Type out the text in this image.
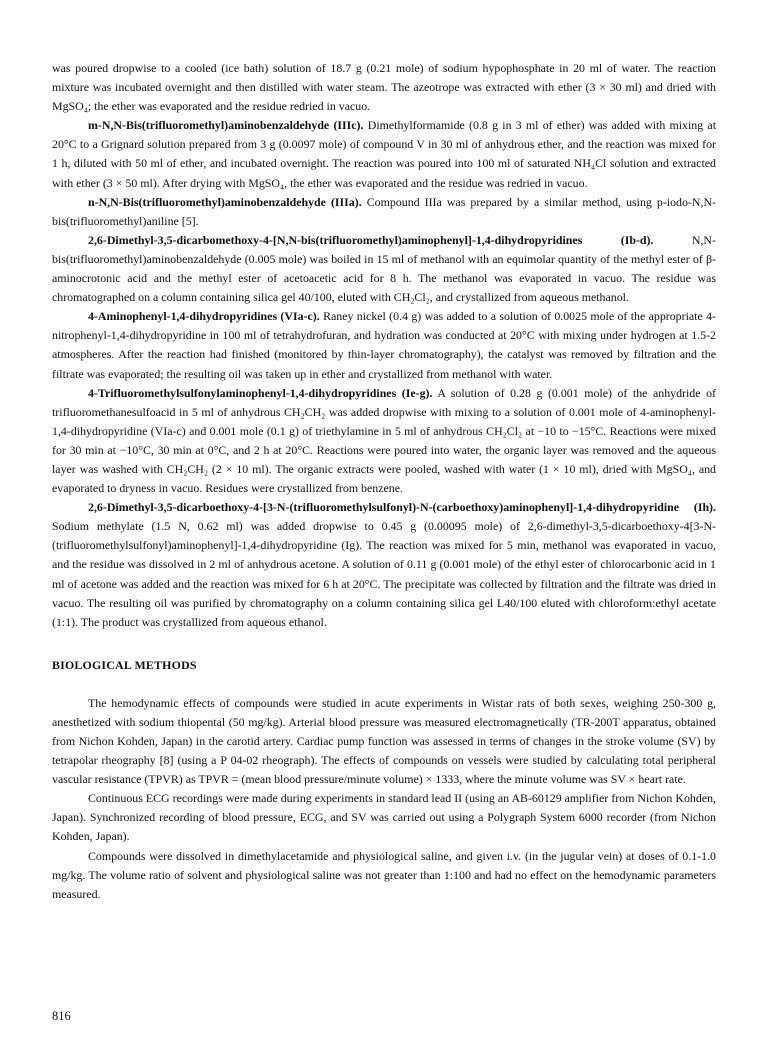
was poured dropwise to a cooled (ice bath) solution of 18.7 g (0.21 mole) of sodium hypophosphate in 20 ml of water. The reaction mixture was incubated overnight and then distilled with water steam. The azeotrope was extracted with ether (3 × 30 ml) and dried with MgSO₄; the ether was evaporated and the residue redried in vacuo.

m-N,N-Bis(trifluoromethyl)aminobenzaldehyde (IIIc). Dimethylformamide (0.8 g in 3 ml of ether) was added with mixing at 20°C to a Grignard solution prepared from 3 g (0.0097 mole) of compound V in 30 ml of anhydrous ether, and the reaction was mixed for 1 h, diluted with 50 ml of ether, and incubated overnight. The reaction was poured into 100 ml of saturated NH₄Cl solution and extracted with ether (3 × 50 ml). After drying with MgSO₄, the ether was evaporated and the residue was redried in vacuo.

n-N,N-Bis(trifluoromethyl)aminobenzaldehyde (IIIa). Compound IIIa was prepared by a similar method, using p-iodo-N,N-bis(trifluoromethyl)aniline [5].

2,6-Dimethyl-3,5-dicarbomethoxy-4-[N,N-bis(trifluoromethyl)aminophenyl]-1,4-dihydropyridines (Ib-d). N,N-bis(trifluoromethyl)aminobenzaldehyde (0.005 mole) was boiled in 15 ml of methanol with an equimolar quantity of the methyl ester of β-aminocrotonic acid and the methyl ester of acetoacetic acid for 8 h. The methanol was evaporated in vacuo. The residue was chromatographed on a column containing silica gel 40/100, eluted with CH₂Cl₂, and crystallized from aqueous methanol.

4-Aminophenyl-1,4-dihydropyridines (VIa-c). Raney nickel (0.4 g) was added to a solution of 0.0025 mole of the appropriate 4-nitrophenyl-1,4-dihydropyridine in 100 ml of tetrahydrofuran, and hydration was conducted at 20°C with mixing under hydrogen at 1.5-2 atmospheres. After the reaction had finished (monitored by thin-layer chromatography), the catalyst was removed by filtration and the filtrate was evaporated; the resulting oil was taken up in ether and crystallized from methanol with water.

4-Trifluoromethylsulfonylaminophenyl-1,4-dihydropyridines (Ie-g). A solution of 0.28 g (0.001 mole) of the anhydride of trifluoromethanesulfoacid in 5 ml of anhydrous CH₂CH₂ was added dropwise with mixing to a solution of 0.001 mole of 4-aminophenyl-1,4-dihydropyridine (VIa-c) and 0.001 mole (0.1 g) of triethylamine in 5 ml of anhydrous CH₂Cl₂ at −10 to −15°C. Reactions were mixed for 30 min at −10°C, 30 min at 0°C, and 2 h at 20°C. Reactions were poured into water, the organic layer was removed and the aqueous layer was washed with CH₂CH₂ (2 × 10 ml). The organic extracts were pooled, washed with water (1 × 10 ml), dried with MgSO₄, and evaporated to dryness in vacuo. Residues were crystallized from benzene.

2,6-Dimethyl-3,5-dicarboethoxy-4-[3-N-(trifluoromethylsulfonyl)-N-(carboethoxy)aminophenyl]-1,4-dihydropyridine (Ih). Sodium methylate (1.5 N, 0.62 ml) was added dropwise to 0.45 g (0.00095 mole) of 2,6-dimethyl-3,5-dicarboethoxy-4[3-N-(trifluoromethylsulfonyl)aminophenyl]-1,4-dihydropyridine (Ig). The reaction was mixed for 5 min, methanol was evaporated in vacuo, and the residue was dissolved in 2 ml of anhydrous acetone. A solution of 0.11 g (0.001 mole) of the ethyl ester of chlorocarbonic acid in 1 ml of acetone was added and the reaction was mixed for 6 h at 20°C. The precipitate was collected by filtration and the filtrate was dried in vacuo. The resulting oil was purified by chromatography on a column containing silica gel L40/100 eluted with chloroform:ethyl acetate (1:1). The product was crystallized from aqueous ethanol.

BIOLOGICAL METHODS

The hemodynamic effects of compounds were studied in acute experiments in Wistar rats of both sexes, weighing 250-300 g, anesthetized with sodium thiopental (50 mg/kg). Arterial blood pressure was measured electromagnetically (TR-200T apparatus, obtained from Nichon Kohden, Japan) in the carotid artery. Cardiac pump function was assessed in terms of changes in the stroke volume (SV) by tetrapolar rheography [8] (using a P 04-02 rheograph). The effects of compounds on vessels were studied by calculating total peripheral vascular resistance (TPVR) as TPVR = (mean blood pressure/minute volume) × 1333, where the minute volume was SV × heart rate.

Continuous ECG recordings were made during experiments in standard lead II (using an AB-60129 amplifier from Nichon Kohden, Japan). Synchronized recording of blood pressure, ECG, and SV was carried out using a Polygraph System 6000 recorder (from Nichon Kohden, Japan).

Compounds were dissolved in dimethylacetamide and physiological saline, and given i.v. (in the jugular vein) at doses of 0.1-1.0 mg/kg. The volume ratio of solvent and physiological saline was not greater than 1:100 and had no effect on the hemodynamic parameters measured.

816
